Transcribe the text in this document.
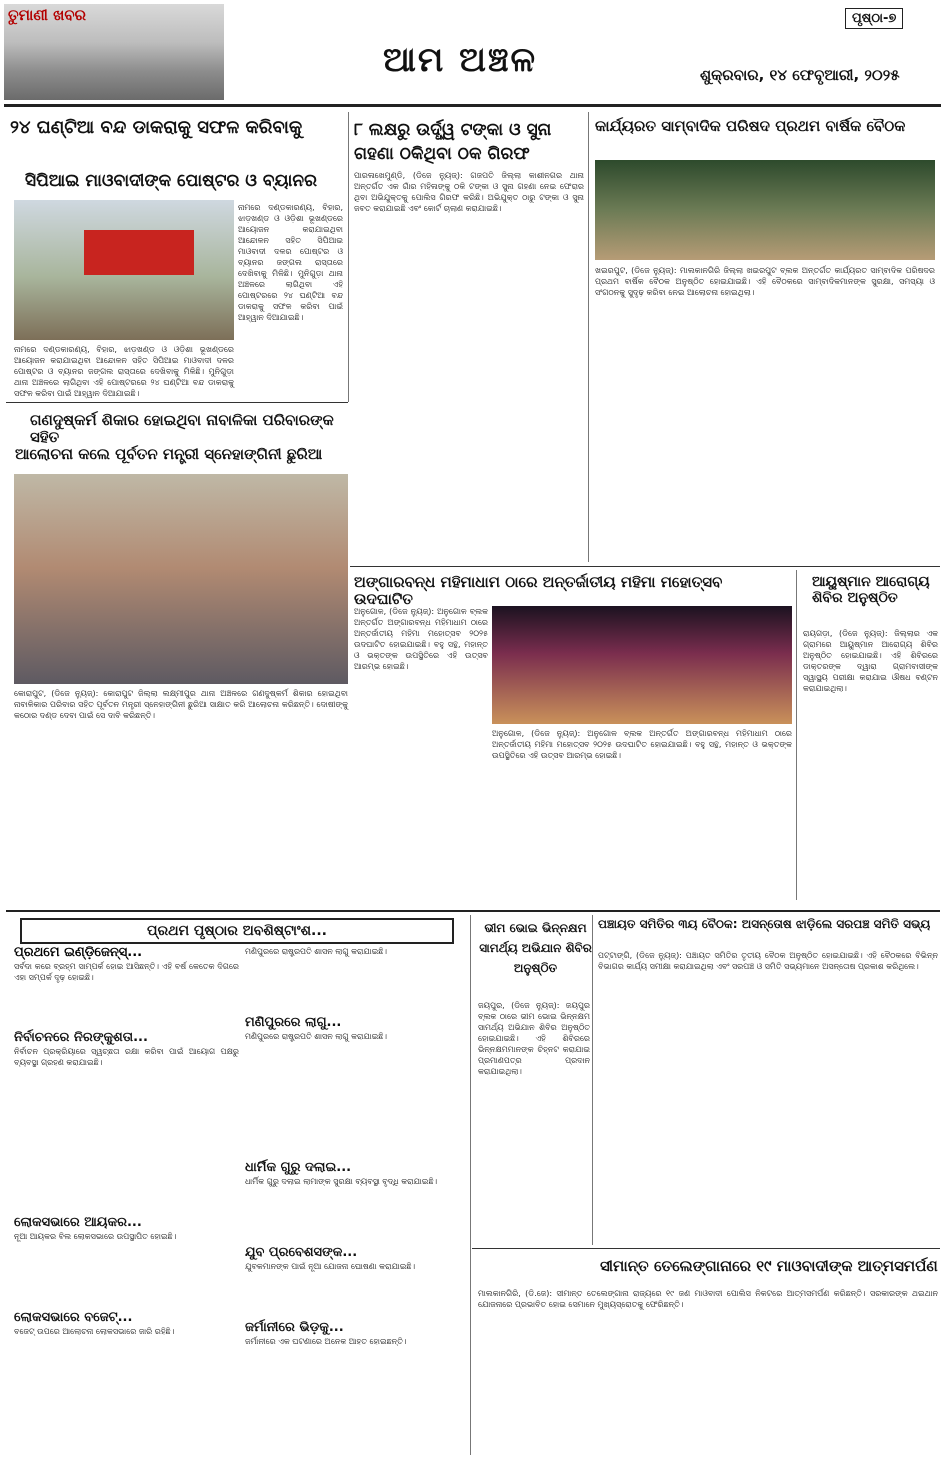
ତୁମାଣୀ ଖବର
ଆମ ଅଞ୍ଚଳ
ପୃଷ୍ଠା-୭
ଶୁକ୍ରବାର, ୧୪ ଫେବୃଆରୀ, ୨୦୨୫
୨୪ ଘଣ୍ଟିଆ ବନ୍ଦ ଡାକରାକୁ ସଫଳ କରିବାକୁ
ସିପିଆଇ ମାଓବାଦୀଙ୍କ ପୋଷ୍ଟର ଓ ବ୍ୟାନର
ନାମରେ ଦଣ୍ଡକାରଣ୍ୟ, ବିହାର, ଝାଡ଼ଖଣ୍ଡ ଓ ଓଡ଼ିଶା ଭୂଖଣ୍ଡରେ ଆୟୋଜନ କରାଯାଇଥିବା ଆନ୍ଦୋଳନ ସହିତ ସିପିଆଇ ମାଓବାଦୀ ଦଳର ପୋଷ୍ଟର ଓ ବ୍ୟାନର ଜଙ୍ଗଲ ରାସ୍ତାରେ ଦେଖିବାକୁ ମିଳିଛି। ମୁନିଗୁଡ଼ା ଥାନା ଅଞ୍ଚଳରେ ଲାଗିଥିବା ଏହି ପୋଷ୍ଟରରେ ୨୪ ଘଣ୍ଟିଆ ବନ୍ଦ ଡାକରାକୁ ସଫଳ କରିବା ପାଇଁ ଆହ୍ୱାନ ଦିଆଯାଇଛି।
ନାମରେ ଦଣ୍ଡକାରଣ୍ୟ, ବିହାର, ଝାଡ଼ଖଣ୍ଡ ଓ ଓଡ଼ିଶା ଭୂଖଣ୍ଡରେ ଆୟୋଜନ କରାଯାଇଥିବା ଆନ୍ଦୋଳନ ସହିତ ସିପିଆଇ ମାଓବାଦୀ ଦଳର ପୋଷ୍ଟର ଓ ବ୍ୟାନର ଜଙ୍ଗଲ ରାସ୍ତାରେ ଦେଖିବାକୁ ମିଳିଛି। ମୁନିଗୁଡ଼ା ଥାନା ଅଞ୍ଚଳରେ ଲାଗିଥିବା ଏହି ପୋଷ୍ଟରରେ ୨୪ ଘଣ୍ଟିଆ ବନ୍ଦ ଡାକରାକୁ ସଫଳ କରିବା ପାଇଁ ଆହ୍ୱାନ ଦିଆଯାଇଛି।
୮ ଲକ୍ଷରୁ ଉର୍ଦ୍ଧ୍ୱ ଟଙ୍କା ଓ ସୁନା ଗହଣା ଠକିଥିବା ଠକ ଗିରଫ
ପାରଳାଖେମୁଣ୍ଡି, (ଡିଜେ ନ୍ୟୁଜ୍): ଗଜପତି ଜିଲ୍ଲା କାଶୀନଗର ଥାନା ଅନ୍ତର୍ଗତ ଏକ ଗାଁର ମହିଳାଙ୍କୁ ଠକି ଟଙ୍କା ଓ ସୁନା ଗହଣା ନେଇ ଫେରାର ଥିବା ଅଭିଯୁକ୍ତକୁ ପୋଲିସ ଗିରଫ କରିଛି। ଅଭିଯୁକ୍ତ ଠାରୁ ଟଙ୍କା ଓ ସୁନା ଜବତ କରାଯାଇଛି ଏବଂ କୋର୍ଟ ଚାଲାଣ କରାଯାଇଛି।
କାର୍ଯ୍ୟରତ ସାମ୍ବାଦିକ ପରିଷଦ ପ୍ରଥମ ବାର୍ଷିକ ବୈଠକ
ଖଇରପୁଟ, (ଡିଜେ ନ୍ୟୁଜ୍): ମାଲକାନଗିରି ଜିଲ୍ଲା ଖଇରପୁଟ ବ୍ଲକ ଅନ୍ତର୍ଗତ କାର୍ଯ୍ୟରତ ସାମ୍ବାଦିକ ପରିଷଦର ପ୍ରଥମ ବାର୍ଷିକ ବୈଠକ ଅନୁଷ୍ଠିତ ହୋଇଯାଇଛି। ଏହି ବୈଠକରେ ସାମ୍ବାଦିକମାନଙ୍କ ସୁରକ୍ଷା, ସମସ୍ୟା ଓ ସଂଗଠନକୁ ସୁଦୃଢ଼ କରିବା ନେଇ ଆଲୋଚନା ହୋଇଥିଲା।
ଗଣଦୁଷ୍କର୍ମ ଶିକାର ହୋଇଥିବା ନାବାଳିକା ପରିବାରଙ୍କ ସହିତ
ଆଲୋଚନା କଲେ ପୂର୍ବତନ ମନ୍ତ୍ରୀ ସ୍ନେହାଙ୍ଗିନୀ ଛୁରିଆ
କୋରାପୁଟ, (ଡିଜେ ନ୍ୟୁଜ୍): କୋରାପୁଟ ଜିଲ୍ଲା ଲକ୍ଷ୍ମୀପୁର ଥାନା ଅଞ୍ଚଳରେ ଗଣଦୁଷ୍କର୍ମ ଶିକାର ହୋଇଥିବା ନାବାଳିକାର ପରିବାର ସହିତ ପୂର୍ବତନ ମନ୍ତ୍ରୀ ସ୍ନେହାଙ୍ଗିନୀ ଛୁରିଆ ସାକ୍ଷାତ କରି ଆଲୋଚନା କରିଛନ୍ତି। ଦୋଷୀଙ୍କୁ କଠୋର ଦଣ୍ଡ ଦେବା ପାଇଁ ସେ ଦାବି କରିଛନ୍ତି।
ଅଙ୍ଗାରବନ୍ଧ ମହିମାଧାମ ଠାରେ ଅନ୍ତର୍ଜାତୀୟ ମହିମା ମହୋତ୍ସବ ଉଦଘାଟିତ
ଅନୁଗୋଳ, (ଡିଜେ ନ୍ୟୁଜ୍): ଅନୁଗୋଳ ବ୍ଲକ ଅନ୍ତର୍ଗତ ଅଙ୍ଗାରବନ୍ଧ ମହିମାଧାମ ଠାରେ ଅନ୍ତର୍ଜାତୀୟ ମହିମା ମହୋତ୍ସବ ୨୦୨୫ ଉଦଘାଟିତ ହୋଇଯାଇଛି। ବହୁ ସନ୍ଥ, ମହାନ୍ତ ଓ ଭକ୍ତଙ୍କ ଉପସ୍ଥିତିରେ ଏହି ଉତ୍ସବ ଆରମ୍ଭ ହୋଇଛି।
ଅନୁଗୋଳ, (ଡିଜେ ନ୍ୟୁଜ୍): ଅନୁଗୋଳ ବ୍ଲକ ଅନ୍ତର୍ଗତ ଅଙ୍ଗାରବନ୍ଧ ମହିମାଧାମ ଠାରେ ଅନ୍ତର୍ଜାତୀୟ ମହିମା ମହୋତ୍ସବ ୨୦୨୫ ଉଦଘାଟିତ ହୋଇଯାଇଛି। ବହୁ ସନ୍ଥ, ମହାନ୍ତ ଓ ଭକ୍ତଙ୍କ ଉପସ୍ଥିତିରେ ଏହି ଉତ୍ସବ ଆରମ୍ଭ ହୋଇଛି।
ଆୟୁଷ୍ମାନ ଆରୋଗ୍ୟ ଶିବିର ଅନୁଷ୍ଠିତ
ରାୟଗଡ଼ା, (ଡିଜେ ନ୍ୟୁଜ୍): ଜିଲ୍ଲାର ଏକ ଗ୍ରାମରେ ଆୟୁଷ୍ମାନ ଆରୋଗ୍ୟ ଶିବିର ଅନୁଷ୍ଠିତ ହୋଇଯାଇଛି। ଏହି ଶିବିରରେ ଡାକ୍ତରଙ୍କ ଦ୍ୱାରା ଗ୍ରାମବାସୀଙ୍କ ସ୍ୱାସ୍ଥ୍ୟ ପରୀକ୍ଷା କରାଯାଇ ଔଷଧ ବଣ୍ଟନ କରାଯାଇଥିଲା।
ପ୍ରଥମ ପୃଷ୍ଠାର ଅବଶିଷ୍ଟାଂଶ...
ପ୍ରଥମେ ଇଣ୍ଡ଼ିଜେନ୍ସ୍...
ସର୍ବଦା କରେ ବ୍ରହ୍ମ ସାମ୍ପର୍କ ହୋଇ ଆସିଛନ୍ତି। ଏହି ବର୍ଷ କେତେକ ଦିଗରେ ଏହା ସମ୍ପର୍କ ଦୃଢ଼ ହୋଇଛି।
ନିର୍ବାଚନରେ ନିରଙ୍କୁଶତା...
ନିର୍ବାଚନ ପ୍ରକ୍ରିୟାରେ ସ୍ୱଚ୍ଛତା ରକ୍ଷା କରିବା ପାଇଁ ଆୟୋଗ ପକ୍ଷରୁ ବ୍ୟବସ୍ଥା ଗ୍ରହଣ କରାଯାଇଛି।
ଲୋକସଭାରେ ଆୟକର...
ନୂଆ ଆୟକର ବିଲ ଲୋକସଭାରେ ଉପସ୍ଥାପିତ ହୋଇଛି।
ଲୋକସଭାରେ ବଜେଟ୍...
ବଜେଟ୍ ଉପରେ ଆଲୋଚନା ଲୋକସଭାରେ ଜାରି ରହିଛି।
ମଣିପୁରରେ ରାଷ୍ଟ୍ରପତି ଶାସନ ଲାଗୁ କରାଯାଇଛି।
ମଣିପୁରରେ ଲାଗୁ...
ମଣିପୁରରେ ରାଷ୍ଟ୍ରପତି ଶାସନ ଲାଗୁ କରାଯାଇଛି।
ଧାର୍ମିକ ଗୁରୁ ଦଲାଇ...
ଧାର୍ମିକ ଗୁରୁ ଦଲାଇ ଲାମାଙ୍କ ସୁରକ୍ଷା ବ୍ୟବସ୍ଥା ବୃଦ୍ଧି କରାଯାଇଛି।
ଯୁବ ପ୍ରବେଶସଙ୍କ...
ଯୁବକମାନଙ୍କ ପାଇଁ ନୂଆ ଯୋଜନା ଘୋଷଣା କରାଯାଇଛି।
ଜର୍ମାନୀରେ ଭିଡ଼କୁ...
ଜର୍ମାନୀରେ ଏକ ଘଟଣାରେ ଅନେକ ଆହତ ହୋଇଛନ୍ତି।
ଭୀମ ଭୋଇ ଭିନ୍ନକ୍ଷମ ସାମର୍ଥ୍ୟ ଅଭିଯାନ ଶିବିର ଅନୁଷ୍ଠିତ
ଜୟପୁର, (ଡିଜେ ନ୍ୟୁଜ୍): ଜୟପୁର ବ୍ଲକ ଠାରେ ଭୀମ ଭୋଇ ଭିନ୍ନକ୍ଷମ ସାମର୍ଥ୍ୟ ଅଭିଯାନ ଶିବିର ଅନୁଷ୍ଠିତ ହୋଇଯାଇଛି। ଏହି ଶିବିରରେ ଭିନ୍ନକ୍ଷମମାନଙ୍କ ଚିହ୍ନଟ କରାଯାଇ ପ୍ରମାଣପତ୍ର ପ୍ରଦାନ କରାଯାଇଥିଲା।
ପଞ୍ଚାୟତ ସମିତିର ୩ୟ ବୈଠକ: ଅସନ୍ତୋଷ ଝାଡ଼ିଲେ ସରପଞ୍ଚ ସମିତି ସଭ୍ୟ
ପଟ୍ଟାଙ୍ଗି, (ଡିଜେ ନ୍ୟୁଜ୍): ପଞ୍ଚାୟତ ସମିତିର ତୃତୀୟ ବୈଠକ ଅନୁଷ୍ଠିତ ହୋଇଯାଇଛି। ଏହି ବୈଠକରେ ବିଭିନ୍ନ ବିଭାଗର କାର୍ଯ୍ୟ ସମୀକ୍ଷା କରାଯାଇଥିଲା ଏବଂ ସରପଞ୍ଚ ଓ ସମିତି ସଭ୍ୟମାନେ ଅସନ୍ତୋଷ ପ୍ରକାଶ କରିଥିଲେ।
ସୀମାନ୍ତ ତେଲେଙ୍ଗାନାରେ ୧୯ ମାଓବାଦୀଙ୍କ ଆତ୍ମସମର୍ପଣ
ମାଲକାନଗିରି, (ଡି.ଜେ): ସୀମାନ୍ତ ତେଲେଙ୍ଗାନା ରାଜ୍ୟରେ ୧୯ ଜଣ ମାଓବାଦୀ ପୋଲିସ ନିକଟରେ ଆତ୍ମସମର୍ପଣ କରିଛନ୍ତି। ସରକାରଙ୍କ ଥଇଥାନ ଯୋଜନାରେ ପ୍ରଭାବିତ ହୋଇ ସେମାନେ ମୁଖ୍ୟସ୍ରୋତକୁ ଫେରିଛନ୍ତି।
